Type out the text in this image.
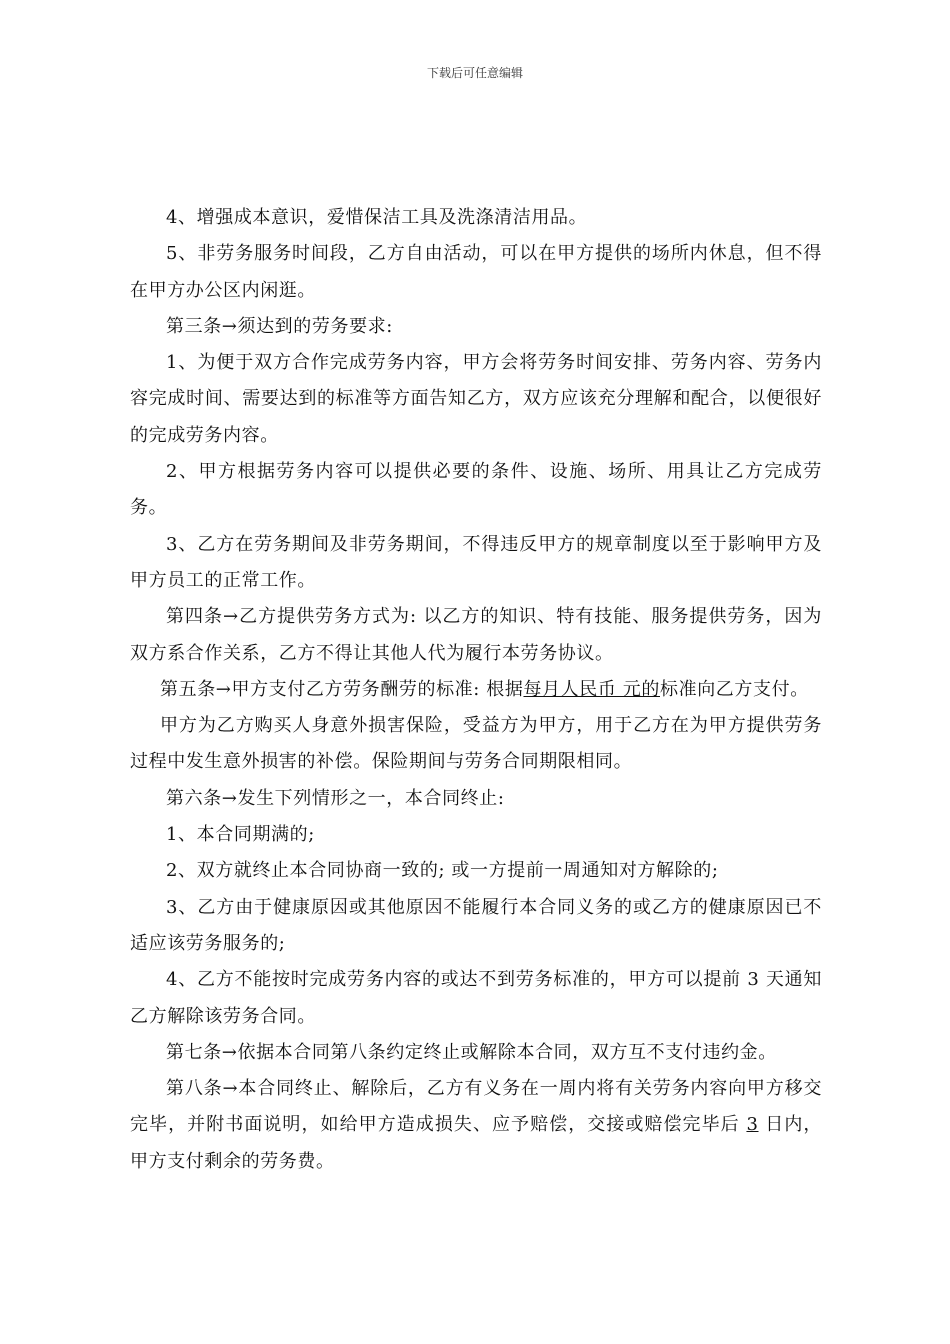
下载后可任意编辑

4、增强成本意识，爱惜保洁工具及洗涤清洁用品。

5、非劳务服务时间段，乙方自由活动，可以在甲方提供的场所内休息，但不得在甲方办公区内闲逛。

第三条→须达到的劳务要求:

1、为便于双方合作完成劳务内容，甲方会将劳务时间安排、劳务内容、劳务内容完成时间、需要达到的标准等方面告知乙方，双方应该充分理解和配合，以便很好的完成劳务内容。

2、甲方根据劳务内容可以提供必要的条件、设施、场所、用具让乙方完成劳务。

3、乙方在劳务期间及非劳务期间，不得违反甲方的规章制度以至于影响甲方及甲方员工的正常工作。

第四条→乙方提供劳务方式为: 以乙方的知识、特有技能、服务提供劳务，因为双方系合作关系，乙方不得让其他人代为履行本劳务协议。

第五条→甲方支付乙方劳务酬劳的标准: 根据每月人民币 元的标准向乙方支付。

甲方为乙方购买人身意外损害保险，受益方为甲方，用于乙方在为甲方提供劳务过程中发生意外损害的补偿。保险期间与劳务合同期限相同。

第六条→发生下列情形之一，本合同终止:

1、本合同期满的;

2、双方就终止本合同协商一致的; 或一方提前一周通知对方解除的;

3、乙方由于健康原因或其他原因不能履行本合同义务的或乙方的健康原因已不适应该劳务服务的;

4、乙方不能按时完成劳务内容的或达不到劳务标准的，甲方可以提前 3 天通知乙方解除该劳务合同。

第七条→依据本合同第八条约定终止或解除本合同，双方互不支付违约金。

第八条→本合同终止、解除后，乙方有义务在一周内将有关劳务内容向甲方移交完毕，并附书面说明，如给甲方造成损失、应予赔偿，交接或赔偿完毕后 3 日内，甲方支付剩余的劳务费。
